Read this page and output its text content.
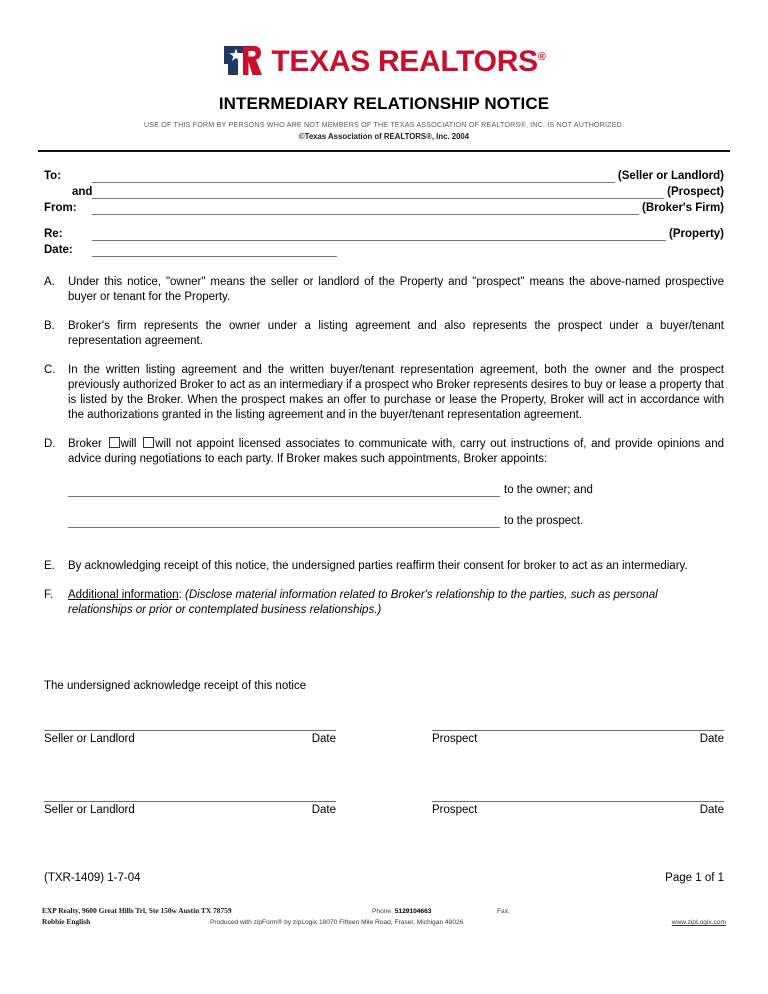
TEXAS REALTORS®
INTERMEDIARY RELATIONSHIP NOTICE
USE OF THIS FORM BY PERSONS WHO ARE NOT MEMBERS OF THE TEXAS ASSOCIATION OF REALTORS®, INC. IS NOT AUTHORIZED.
©Texas Association of REALTORS®, Inc. 2004
To:	(Seller or Landlord)
and	(Prospect)
From:	(Broker's Firm)
Re:	(Property)
Date:
A.	Under this notice, "owner" means the seller or landlord of the Property and "prospect" means the above-named prospective buyer or tenant for the Property.
B.	Broker's firm represents the owner under a listing agreement and also represents the prospect under a buyer/tenant representation agreement.
C.	In the written listing agreement and the written buyer/tenant representation agreement, both the owner and the prospect previously authorized Broker to act as an intermediary if a prospect who Broker represents desires to buy or lease a property that is listed by the Broker. When the prospect makes an offer to purchase or lease the Property, Broker will act in accordance with the authorizations granted in the listing agreement and in the buyer/tenant representation agreement.
D.	Broker will will not appoint licensed associates to communicate with, carry out instructions of, and provide opinions and advice during negotiations to each party. If Broker makes such appointments, Broker appoints:
to the owner; and
to the prospect.
E.	By acknowledging receipt of this notice, the undersigned parties reaffirm their consent for broker to act as an intermediary.
F.	Additional information: (Disclose material information related to Broker's relationship to the parties, such as personal relationships or prior or contemplated business relationships.)
The undersigned acknowledge receipt of this notice
Seller or Landlord	Date	Prospect	Date
Seller or Landlord	Date	Prospect	Date
(TXR-1409) 1-7-04	Page 1 of 1
EXP Realty, 9600 Great Hills Trl, Ste 150w Austin TX 78759	Phone: 5129104663	Fax:
Robbie English	Produced with zipForm® by zipLogix 18070 Fifteen Mile Road, Fraser, Michigan 48026	www.zipLogix.com
